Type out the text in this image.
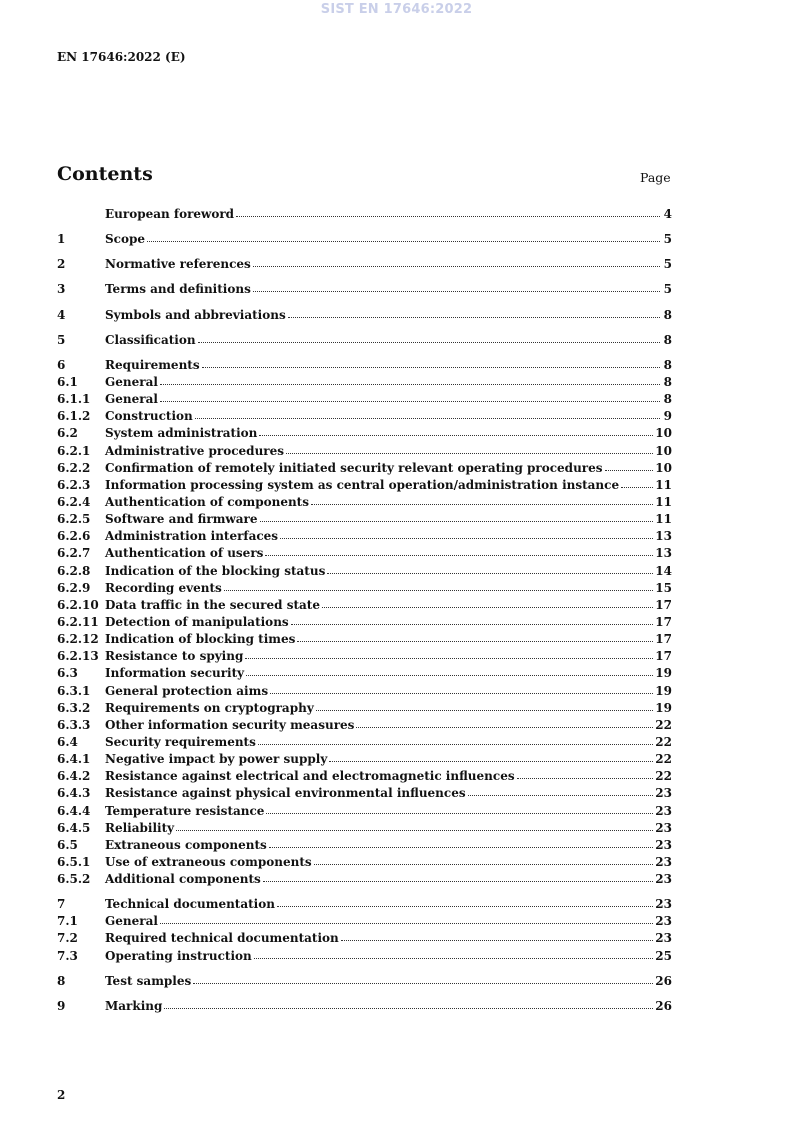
SIST EN 17646:2022
EN 17646:2022 (E)
Contents	Page
European foreword	4
1	Scope	5
2	Normative references	5
3	Terms and definitions	5
4	Symbols and abbreviations	8
5	Classification	8
6	Requirements	8
6.1	General	8
6.1.1	General	8
6.1.2	Construction	9
6.2	System administration	10
6.2.1	Administrative procedures	10
6.2.2	Confirmation of remotely initiated security relevant operating procedures	10
6.2.3	Information processing system as central operation/administration instance	11
6.2.4	Authentication of components	11
6.2.5	Software and firmware	11
6.2.6	Administration interfaces	13
6.2.7	Authentication of users	13
6.2.8	Indication of the blocking status	14
6.2.9	Recording events	15
6.2.10 Data traffic in the secured state	17
6.2.11 Detection of manipulations	17
6.2.12 Indication of blocking times	17
6.2.13 Resistance to spying	17
6.3	Information security	19
6.3.1	General protection aims	19
6.3.2	Requirements on cryptography	19
6.3.3	Other information security measures	22
6.4	Security requirements	22
6.4.1	Negative impact by power supply	22
6.4.2	Resistance against electrical and electromagnetic influences	22
6.4.3	Resistance against physical environmental influences	23
6.4.4	Temperature resistance	23
6.4.5	Reliability	23
6.5	Extraneous components	23
6.5.1	Use of extraneous components	23
6.5.2	Additional components	23
7	Technical documentation	23
7.1	General	23
7.2	Required technical documentation	23
7.3	Operating instruction	25
8	Test samples	26
9	Marking	26
2
